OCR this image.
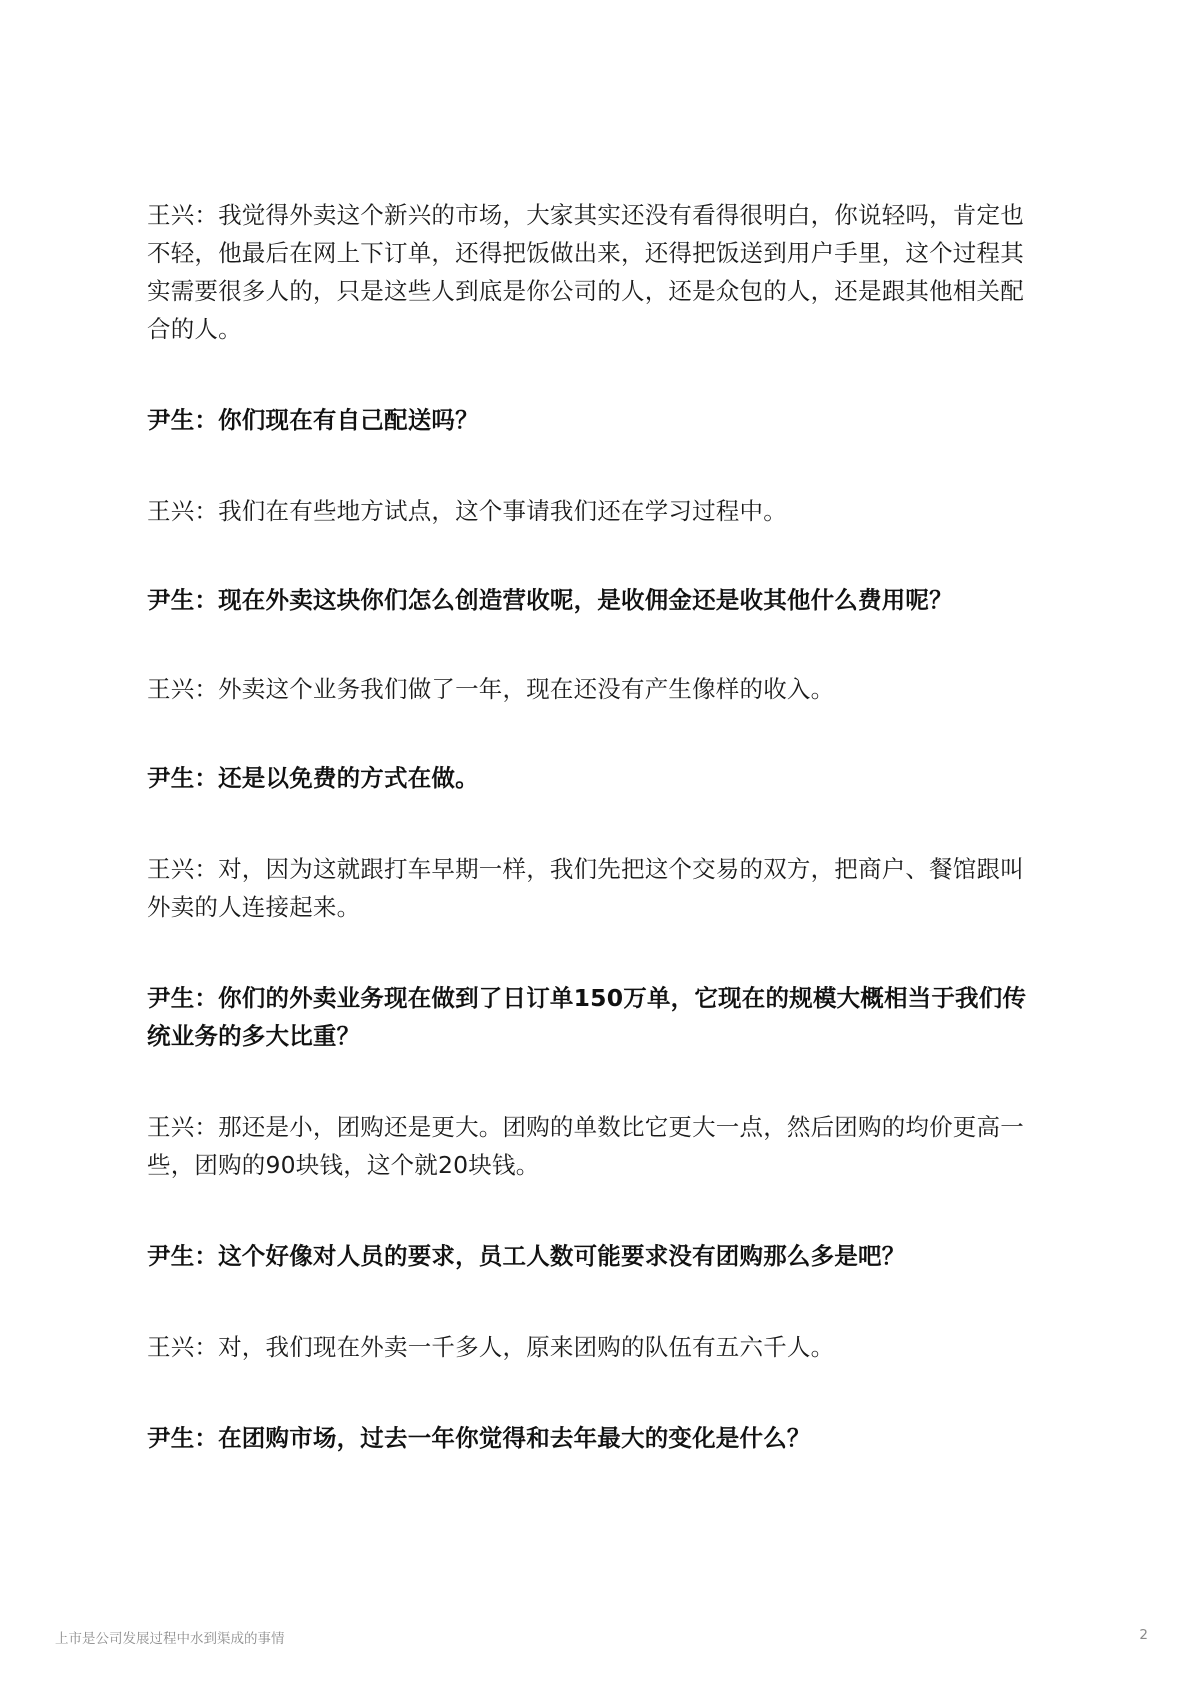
王兴：我觉得外卖这个新兴的市场，大家其实还没有看得很明白，你说轻吗，肯定也不轻，他最后在网上下订单，还得把饭做出来，还得把饭送到用户手里，这个过程其实需要很多人的，只是这些人到底是你公司的人，还是众包的人，还是跟其他相关配合的人。

尹生：你们现在有自己配送吗？

王兴：我们在有些地方试点，这个事请我们还在学习过程中。

尹生：现在外卖这块你们怎么创造营收呢，是收佣金还是收其他什么费用呢？

王兴：外卖这个业务我们做了一年，现在还没有产生像样的收入。

尹生：还是以免费的方式在做。

王兴：对，因为这就跟打车早期一样，我们先把这个交易的双方，把商户、餐馆跟叫外卖的人连接起来。

尹生：你们的外卖业务现在做到了日订单150万单，它现在的规模大概相当于我们传统业务的多大比重？

王兴：那还是小，团购还是更大。团购的单数比它更大一点，然后团购的均价更高一些，团购的90块钱，这个就20块钱。

尹生：这个好像对人员的要求，员工人数可能要求没有团购那么多是吧？

王兴：对，我们现在外卖一千多人，原来团购的队伍有五六千人。

尹生：在团购市场，过去一年你觉得和去年最大的变化是什么？

上市是公司发展过程中水到渠成的事情	2
